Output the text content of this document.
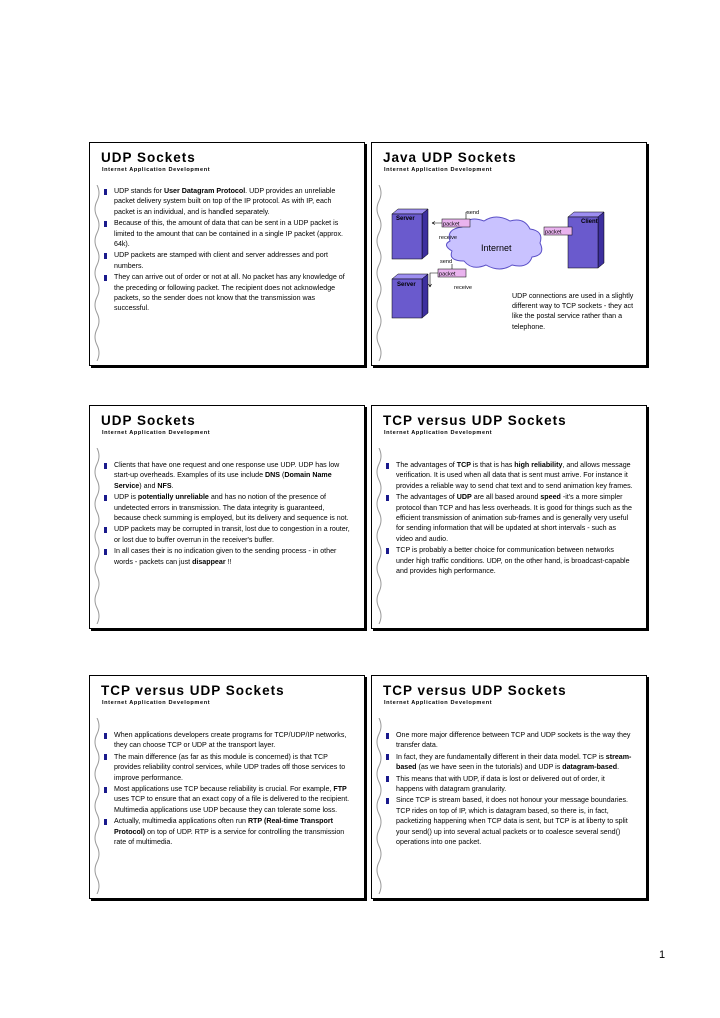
UDP Sockets
Internet Application Development
UDP stands for User Datagram Protocol. UDP provides an unreliable packet delivery system built on top of the IP protocol. As with IP, each packet is an individual, and is handled separately.
Because of this, the amount of data that can be sent in a UDP packet is limited to the amount that can be contained in a single IP packet (approx. 64k).
UDP packets are stamped with client and server addresses and port numbers.
They can arrive out of order or not at all. No packet has any knowledge of the preceding or following packet. The recipient does not acknowledge packets, so the sender does not know that the transmission was successful.
Java UDP Sockets
Internet Application Development
Server
Server
Client
Internet
packet
packet
packet
send
receive
send
receive
UDP connections are used in a slightly different way to TCP sockets - they act like the postal service rather than a telephone.
UDP Sockets
Internet Application Development
Clients that have one request and one response use UDP. UDP has low start-up overheads. Examples of its use include DNS (Domain Name Service) and NFS.
UDP is potentially unreliable and has no notion of the presence of undetected errors in transmission. The data integrity is guaranteed, because check summing is employed, but its delivery and sequence is not.
UDP packets may be corrupted in transit, lost due to congestion in a router, or lost due to buffer overrun in the receiver's buffer.
In all cases their is no indication given to the sending process - in other words - packets can just disappear !!
TCP versus UDP Sockets
Internet Application Development
The advantages of TCP is that is has high reliability, and allows message verification. It is used when all data that is sent must arrive. For instance it provides a reliable way to send chat text and to send animation key frames.
The advantages of UDP are all based around speed -it's a more simpler protocol than TCP and has less overheads. It is good for things such as the efficient transmission of animation sub-frames and is generally very useful for sending information that will be updated at short intervals - such as video and audio.
TCP is probably a better choice for communication between networks under high traffic conditions. UDP, on the other hand, is broadcast-capable and provides high performance.
TCP versus UDP Sockets
Internet Application Development
When applications developers create programs for TCP/UDP/IP networks, they can choose TCP or UDP at the transport layer.
The main difference (as far as this module is concerned) is that TCP provides reliability control services, while UDP trades off those services to improve performance.
Most applications use TCP because reliability is crucial. For example, FTP uses TCP to ensure that an exact copy of a file is delivered to the recipient. Multimedia applications use UDP because they can tolerate some loss.
Actually, multimedia applications often run RTP (Real-time Transport Protocol) on top of UDP. RTP is a service for controlling the transmission rate of multimedia.
TCP versus UDP Sockets
Internet Application Development
One more major difference between TCP and UDP sockets is the way they transfer data.
In fact, they are fundamentally different in their data model. TCP is stream-based (as we have seen in the tutorials) and UDP is datagram-based.
This means that with UDP, if data is lost or delivered out of order, it happens with datagram granularity.
Since TCP is stream based, it does not honour your message boundaries. TCP rides on top of IP, which is datagram based, so there is, in fact, packetizing happening when TCP data is sent, but TCP is at liberty to split your send() up into several actual packets or to coalesce several send() operations into one packet.
1
